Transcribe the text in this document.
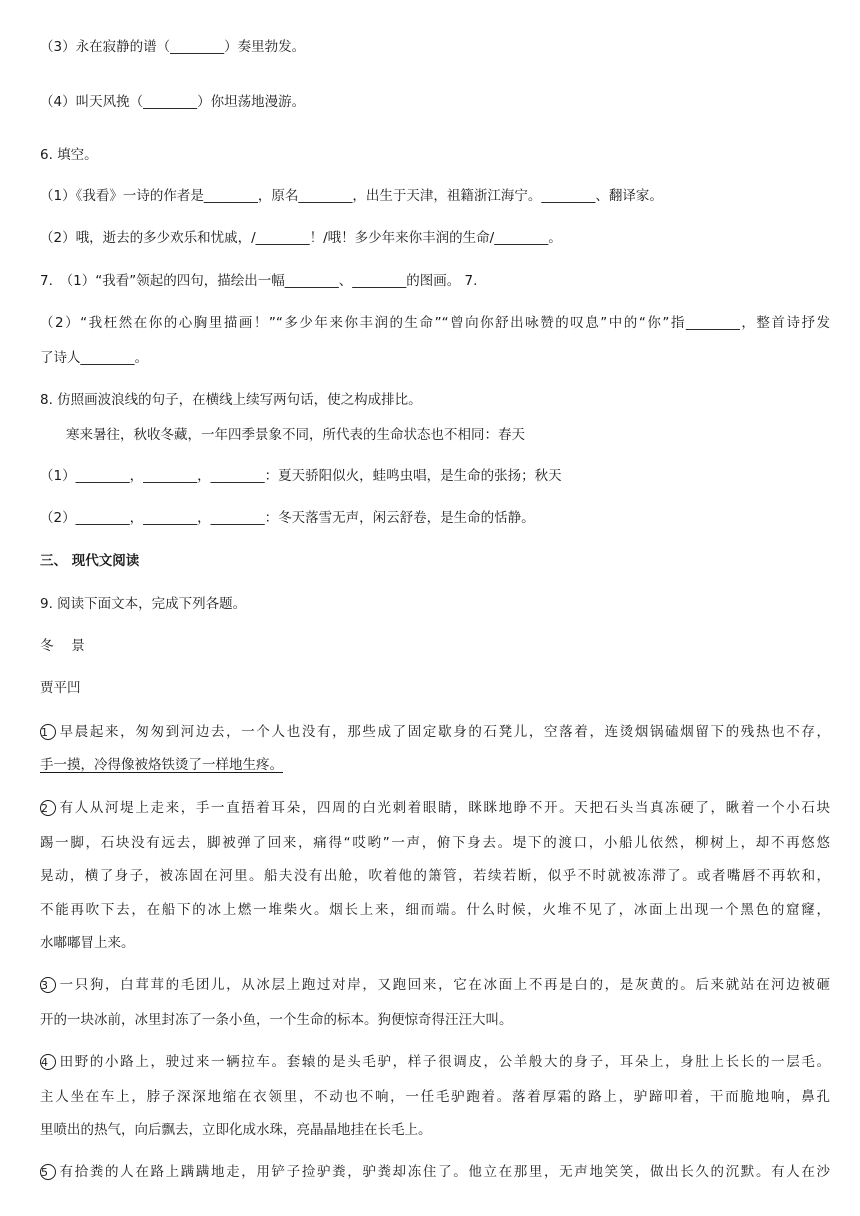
（3）永在寂静的谱（________）奏里勃发。
（4）叫天风挽（________）你坦荡地漫游。
6. 填空。
（1）《我看》一诗的作者是________，原名________，出生于天津，祖籍浙江海宁。________、翻译家。
（2）哦，逝去的多少欢乐和忧戚，/________！/哦！多少年来你丰润的生命/________。
7.　（1）“我看”领起的四句，描绘出一幅________、________的图画。 7.
（2）“我枉然在你的心胸里描画！”“多少年来你丰润的生命”“曾向你舒出咏赞的叹息”中的“你”指________，整首诗抒发
了诗人________。
8. 仿照画波浪线的句子，在横线上续写两句话，使之构成排比。
寒来暑往，秋收冬藏，一年四季景象不同，所代表的生命状态也不相同：春天
（1）________，________，________：夏天骄阳似火，蛙鸣虫唱，是生命的张扬；秋天
（2）________，________，________：冬天落雪无声，闲云舒卷，是生命的恬静。
三、 现代文阅读
9. 阅读下面文本，完成下列各题。
冬　 景
贾平凹
1 早晨起来，匆匆到河边去，一个人也没有，那些成了固定歇身的石凳儿，空落着，连烫烟锅磕烟留下的残热也不存，
手一摸，冷得像被烙铁烫了一样地生疼。
2 有人从河堤上走来，手一直捂着耳朵，四周的白光刺着眼睛，眯眯地睁不开。天把石头当真冻硬了，瞅着一个小石块
踢一脚，石块没有远去，脚被弹了回来，痛得“哎哟”一声，俯下身去。堤下的渡口，小船儿依然，柳树上，却不再悠悠
晃动，横了身子，被冻固在河里。船夫没有出舱，吹着他的箫管，若续若断，似乎不时就被冻滞了。或者嘴唇不再软和，
不能再吹下去，在船下的冰上燃一堆柴火。烟长上来，细而端。什么时候，火堆不见了，冰面上出现一个黑色的窟窿，
水嘟嘟冒上来。
3 一只狗，白茸茸的毛团儿，从冰层上跑过对岸，又跑回来，它在冰面上不再是白的，是灰黄的。后来就站在河边被砸
开的一块冰前，冰里封冻了一条小鱼，一个生命的标本。狗便惊奇得汪汪大叫。
4 田野的小路上，驶过来一辆拉车。套辕的是头毛驴，样子很调皮，公羊般大的身子，耳朵上，身肚上长长的一层毛。
主人坐在车上，脖子深深地缩在衣领里，不动也不响，一任毛驴跑着。落着厚霜的路上，驴蹄叩着，干而脆地响，鼻孔
里喷出的热气，向后飘去，立即化成水珠，亮晶晶地挂在长毛上。
5 有拾粪的人在路上蹒蹒地走，用铲子捡驴粪，驴粪却冻住了。他立在那里，无声地笑笑，做出长久的沉默。有人在沙
